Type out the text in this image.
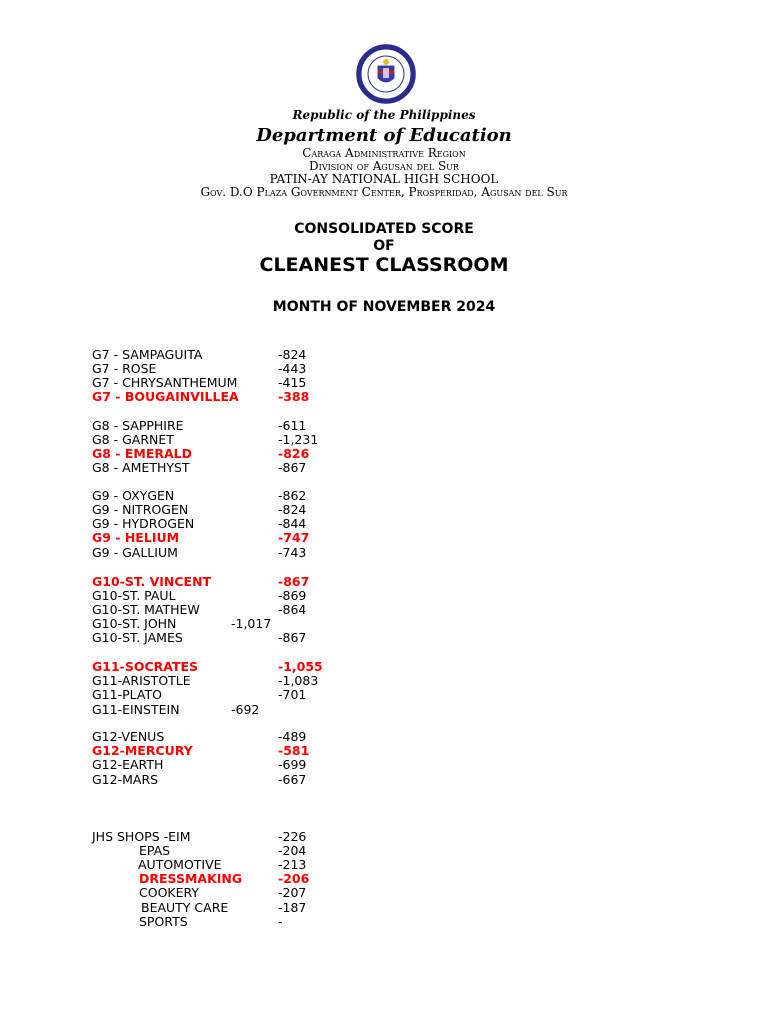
Republic of the Philippines
Department of Education
Caraga Administrative Region
Division of Agusan del Sur
PATIN-AY NATIONAL HIGH SCHOOL
Gov. D.O Plaza Government Center, Prosperidad, Agusan del Sur
CONSOLIDATED SCORE
OF
CLEANEST CLASSROOM
MONTH OF NOVEMBER 2024
G7 - SAMPAGUITA	-824
G7 - ROSE	-443
G7 - CHRYSANTHEMUM	-415
G7 - BOUGAINVILLEA	-388
G8 - SAPPHIRE	-611
G8 - GARNET	-1,231
G8 - EMERALD	-826
G8 - AMETHYST	-867
G9 - OXYGEN	-862
G9 - NITROGEN	-824
G9 - HYDROGEN	-844
G9 - HELIUM	-747
G9 - GALLIUM	-743
G10-ST. VINCENT	-867
G10-ST. PAUL	-869
G10-ST. MATHEW	-864
G10-ST. JOHN	-1,017
G10-ST. JAMES	-867
G11-SOCRATES	-1,055
G11-ARISTOTLE	-1,083
G11-PLATO	-701
G11-EINSTEIN	-692
G12-VENUS	-489
G12-MERCURY	-581
G12-EARTH	-699
G12-MARS	-667
JHS SHOPS -EIM	-226
EPAS	-204
AUTOMOTIVE	-213
DRESSMAKING	-206
COOKERY	-207
BEAUTY CARE	-187
SPORTS	-
